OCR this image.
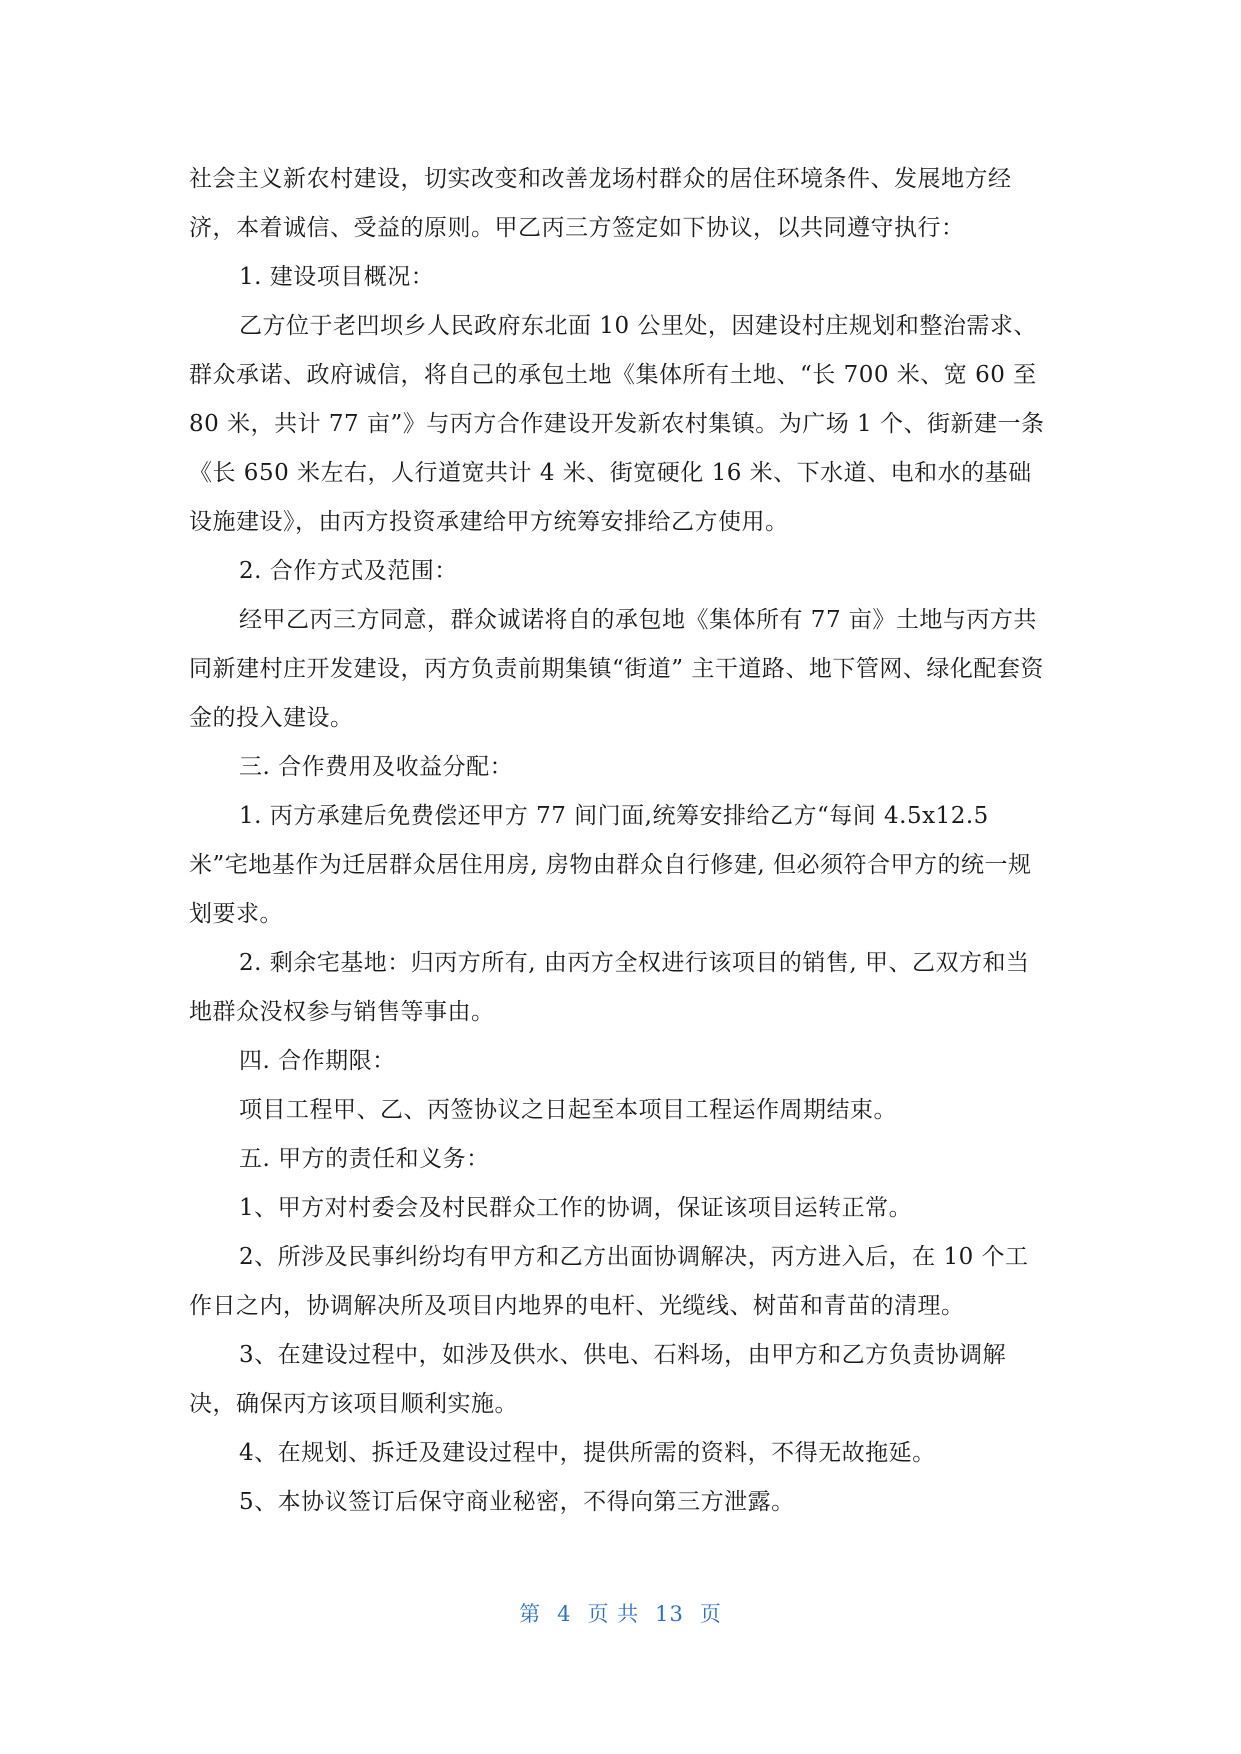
社会主义新农村建设，切实改变和改善龙场村群众的居住环境条件、发展地方经济，本着诚信、受益的原则。甲乙丙三方签定如下协议，以共同遵守执行：

1. 建设项目概况：

乙方位于老凹坝乡人民政府东北面 10 公里处，因建设村庄规划和整治需求、群众承诺、政府诚信，将自己的承包土地《集体所有土地、“长 700 米、宽 60 至 80 米，共计 77 亩”》与丙方合作建设开发新农村集镇。为广场 1 个、街新建一条《长 650 米左右，人行道宽共计 4 米、街宽硬化 16 米、下水道、电和水的基础设施建设》，由丙方投资承建给甲方统筹安排给乙方使用。

2. 合作方式及范围：

经甲乙丙三方同意，群众诚诺将自的承包地《集体所有 77 亩》土地与丙方共同新建村庄开发建设，丙方负责前期集镇“街道” 主干道路、地下管网、绿化配套资金的投入建设。

三. 合作费用及收益分配：

1. 丙方承建后免费偿还甲方 77 间门面,统筹安排给乙方“每间 4.5x12.5 米”宅地基作为迁居群众居住用房, 房物由群众自行修建, 但必须符合甲方的统一规划要求。

2. 剩余宅基地：归丙方所有, 由丙方全权进行该项目的销售, 甲、乙双方和当地群众没权参与销售等事由。

四. 合作期限：

项目工程甲、乙、丙签协议之日起至本项目工程运作周期结束。

五. 甲方的责任和义务：

1、甲方对村委会及村民群众工作的协调，保证该项目运转正常。

2、所涉及民事纠纷均有甲方和乙方出面协调解决，丙方进入后，在 10 个工作日之内，协调解决所及项目内地界的电杆、光缆线、树苗和青苗的清理。

3、在建设过程中，如涉及供水、供电、石料场，由甲方和乙方负责协调解决，确保丙方该项目顺利实施。

4、在规划、拆迁及建设过程中，提供所需的资料，不得无故拖延。

5、本协议签订后保守商业秘密，不得向第三方泄露。

第 4 页 共 13 页
